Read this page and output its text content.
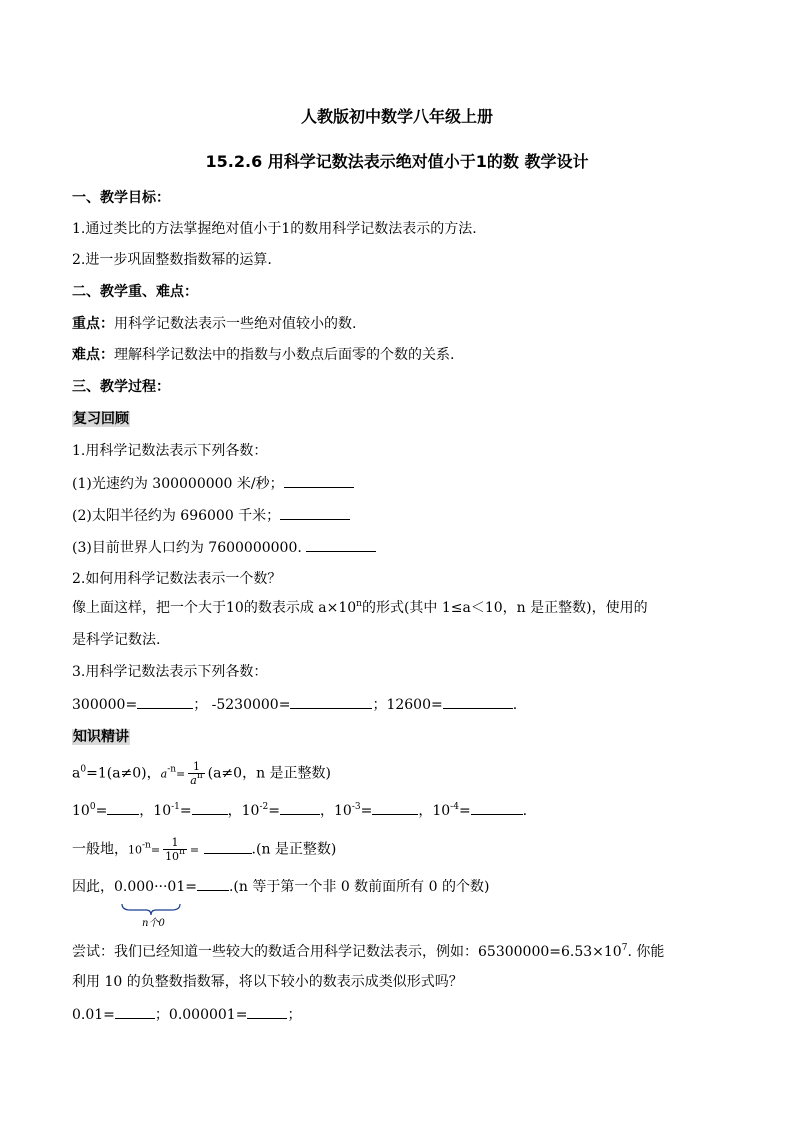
人教版初中数学八年级上册
15.2.6 用科学记数法表示绝对值小于1的数 教学设计
一、教学目标：
1.通过类比的方法掌握绝对值小于1的数用科学记数法表示的方法.
2.进一步巩固整数指数幂的运算.
二、教学重、难点：
重点：用科学记数法表示一些绝对值较小的数.
难点：理解科学记数法中的指数与小数点后面零的个数的关系.
三、教学过程：
复习回顾
1.用科学记数法表示下列各数：
(1)光速约为 300000000 米/秒；
(2)太阳半径约为 696000 千米；
(3)目前世界人口约为 7600000000.
2.如何用科学记数法表示一个数？
像上面这样，把一个大于10的数表示成 $a\times 10^n$的形式(其中 1≤a＜10，n 是正整数)，使用的
是科学记数法.
3.用科学记数法表示下列各数：
300000=	； -5230000=	；12600=	.
知识精讲
$a^0=1(a\ne 0)$，$a^{-n}= \frac{1}{a^n} (a\ne 0$，n 是正整数)
$10^0=$ ，$10^{-1}=$	，$10^{-2}=$	，$10^{-3}=$	，$10^{-4}=$	.
一般地，$10^{-n}= \frac{1}{10^n}$ =	.(n 是正整数)
因此，0.000···01= .(n 等于第一个非 0 数前面所有 0 的个数)
n个0
尝试：我们已经知道一些较大的数适合用科学记数法表示，例如：$65300000=6.53\times 10^7$. 你能
利用 10 的负整数指数幂，将以下较小的数表示成类似形式吗？
0.01=	；0.000001=	；
